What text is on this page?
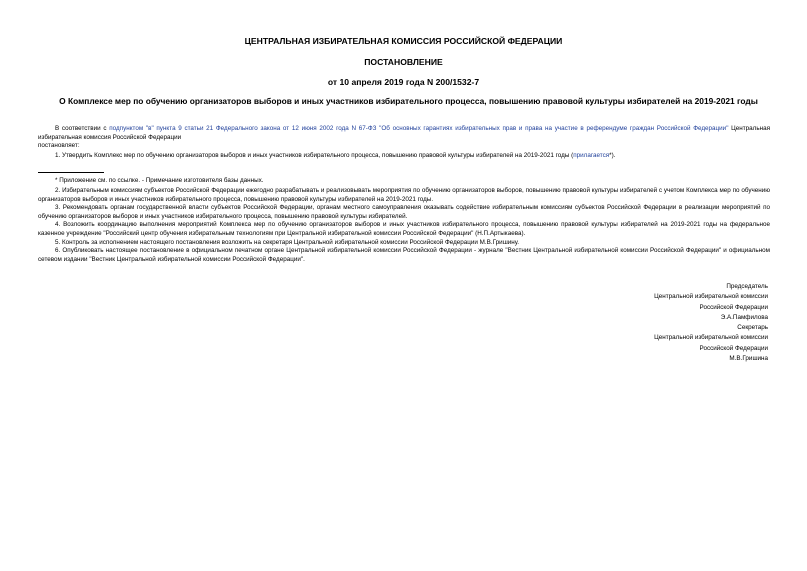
ЦЕНТРАЛЬНАЯ ИЗБИРАТЕЛЬНАЯ КОМИССИЯ РОССИЙСКОЙ ФЕДЕРАЦИИ
ПОСТАНОВЛЕНИЕ
от 10 апреля 2019 года N 200/1532-7
О Комплексе мер по обучению организаторов выборов и иных участников избирательного процесса, повышению правовой культуры избирателей на 2019-2021 годы

В соответствии с подпунктом "в" пункта 9 статьи 21 Федерального закона от 12 июня 2002 года N 67-ФЗ "Об основных гарантиях избирательных прав и права на участие в референдуме граждан Российской Федерации" Центральная избирательная комиссия Российской Федерации

постановляет:

1. Утвердить Комплекс мер по обучению организаторов выборов и иных участников избирательного процесса, повышению правовой культуры избирателей на 2019-2021 годы (прилагается*).

* Приложение см. по ссылке. - Примечание изготовителя базы данных.

2. Избирательным комиссиям субъектов Российской Федерации ежегодно разрабатывать и реализовывать мероприятия по обучению организаторов выборов, повышению правовой культуры избирателей с учетом Комплекса мер по обучению организаторов выборов и иных участников избирательного процесса, повышению правовой культуры избирателей на 2019-2021 годы.

3. Рекомендовать органам государственной власти субъектов Российской Федерации, органам местного самоуправления оказывать содействие избирательным комиссиям субъектов Российской Федерации в реализации мероприятий по обучению организаторов выборов и иных участников избирательного процесса, повышению правовой культуры избирателей.

4. Возложить координацию выполнения мероприятий Комплекса мер по обучению организаторов выборов и иных участников избирательного процесса, повышению правовой культуры избирателей на 2019-2021 годы на федеральное казенное учреждение "Российский центр обучения избирательным технологиям при Центральной избирательной комиссии Российской Федерации" (Н.П.Артыкаева).

5. Контроль за исполнением настоящего постановления возложить на секретаря Центральной избирательной комиссии Российской Федерации М.В.Гришину.

6. Опубликовать настоящее постановление в официальном печатном органе Центральной избирательной комиссии Российской Федерации - журнале "Вестник Центральной избирательной комиссии Российской Федерации" и официальном сетевом издании "Вестник Центральной избирательной комиссии Российской Федерации".

Председатель
Центральной избирательной комиссии
Российской Федерации
Э.А.Памфилова
Секретарь
Центральной избирательной комиссии
Российской Федерации
М.В.Гришина
